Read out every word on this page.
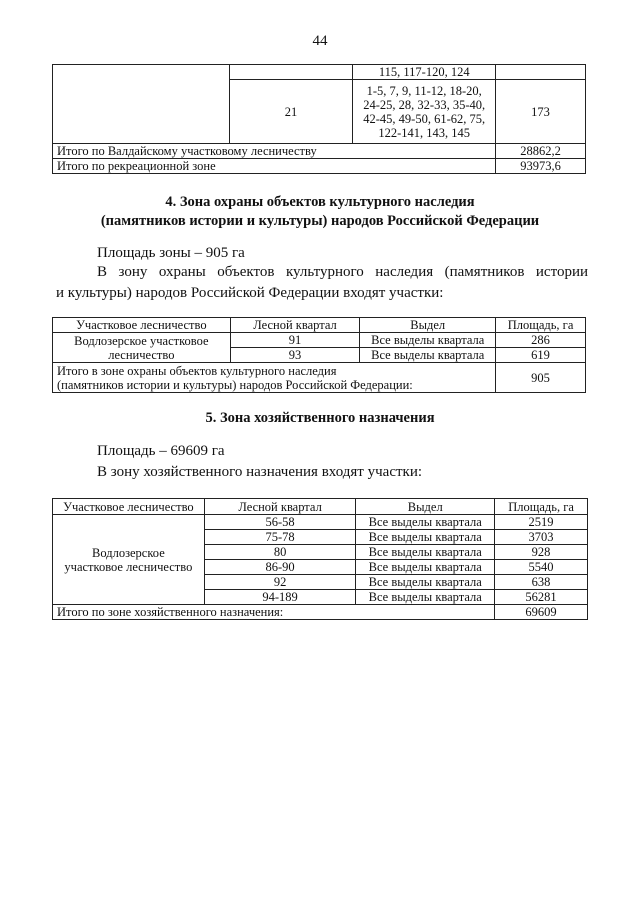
44
		115, 117-120, 124	
	21	1-5, 7, 9, 11-12, 18-20,
24-25, 28, 32-33, 35-40,
42-45, 49-50, 61-62, 75,
122-141, 143, 145	173
Итого по Валдайскому участковому лесничеству			28862,2
Итого по рекреационной зоне			93973,6
4. Зона охраны объектов культурного наследия
(памятников истории и культуры) народов Российской Федерации
Площадь зоны – 905 га
В зону охраны объектов культурного наследия (памятников истории
и культуры) народов Российской Федерации входят участки:
Участковое лесничество	Лесной квартал	Выдел	Площадь, га

Водлозерское участковое
лесничество	91	Все выделы квартала	286
	93	Все выделы квартала	619

Итого в зоне охраны объектов культурного наследия
(памятников истории и культуры) народов Российской Федерации:			905
5. Зона хозяйственного назначения
Площадь – 69609 га
В зону хозяйственного назначения входят участки:
Участковое лесничество	Лесной квартал	Выдел	Площадь, га

Водлозерское
участковое лесничество	56-58	Все выделы квартала	2519
	75-78	Все выделы квартала	3703
	80	Все выделы квартала	928
	86-90	Все выделы квартала	5540
	92	Все выделы квартала	638
	94-189	Все выделы квартала	56281
Итого по зоне хозяйственного назначения:			69609
